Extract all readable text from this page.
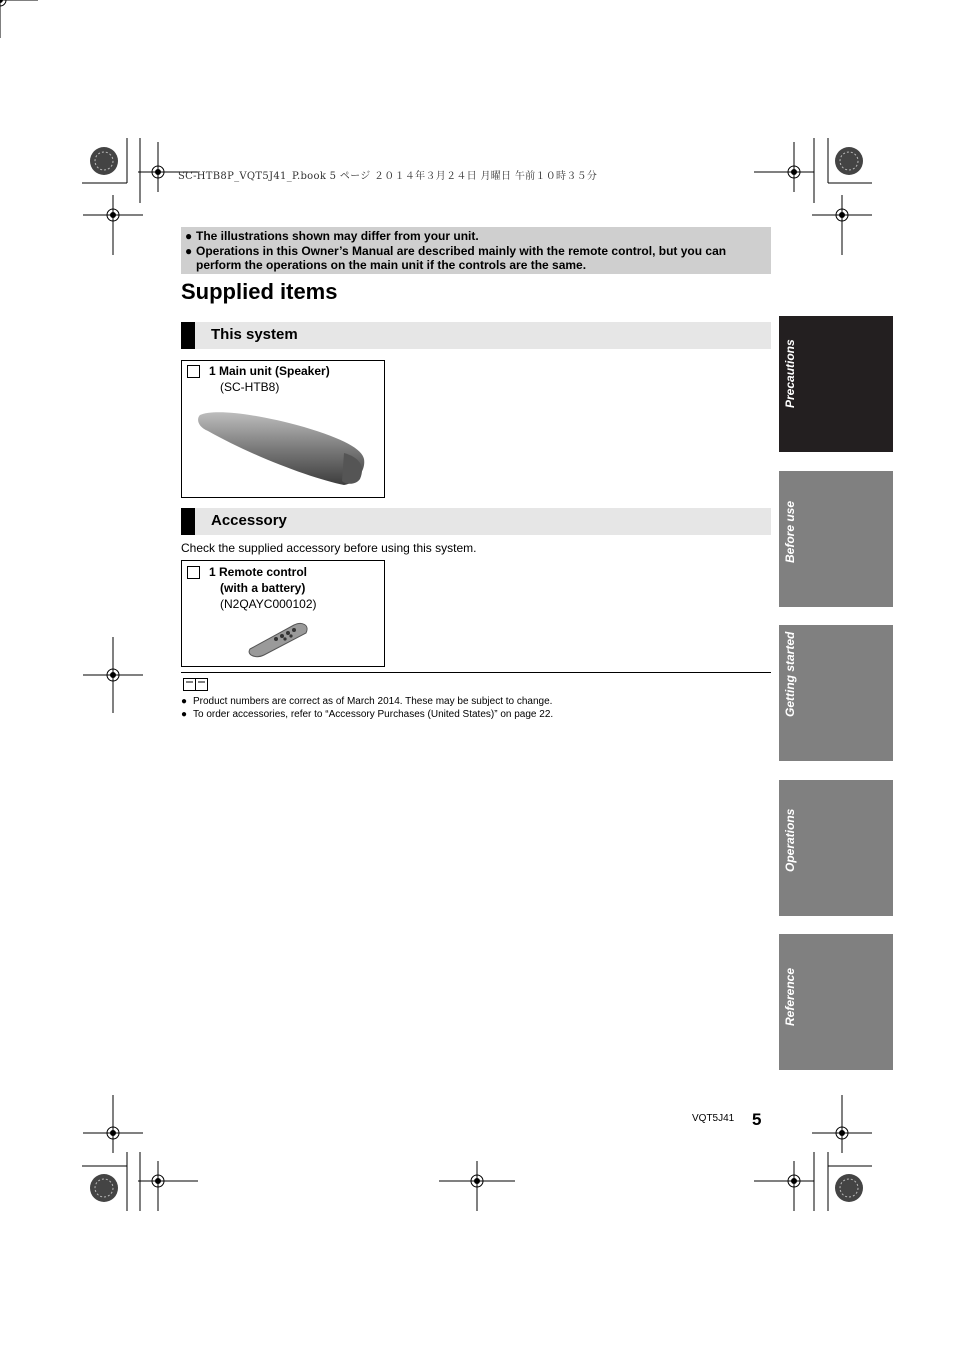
SC-HTB8P_VQT5J41_P.book 5 ページ ２０１４年３月２４日 月曜日 午前１０時３５分
● The illustrations shown may differ from your unit.
● Operations in this Owner’s Manual are described mainly with the remote control, but you can perform the operations on the main unit if the controls are the same.
Supplied items
This system
1 Main unit (Speaker)
(SC-HTB8)
Accessory
Check the supplied accessory before using this system.
1 Remote control
(with a battery)
(N2QAYC000102)
● Product numbers are correct as of March 2014. These may be subject to change.
● To order accessories, refer to “Accessory Purchases (United States)” on page 22.
Precautions
Before use
Getting started
Operations
Reference
VQT5J41 5
